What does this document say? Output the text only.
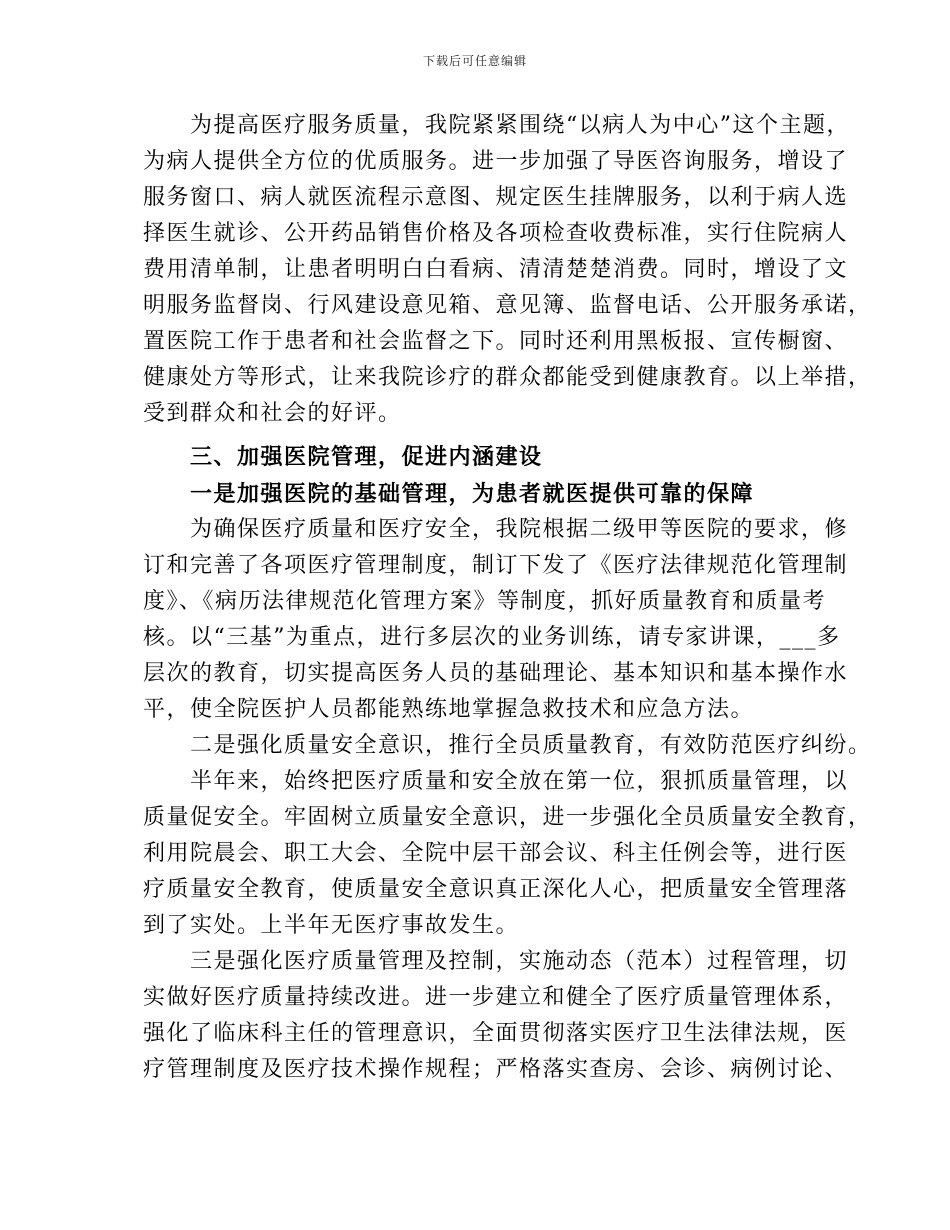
下载后可任意编辑
为提高医疗服务质量，我院紧紧围绕“以病人为中心”这个主题，
为病人提供全方位的优质服务。进一步加强了导医咨询服务，增设了
服务窗口、病人就医流程示意图、规定医生挂牌服务，以利于病人选
择医生就诊、公开药品销售价格及各项检查收费标准，实行住院病人
费用清单制，让患者明明白白看病、清清楚楚消费。同时，增设了文
明服务监督岗、行风建设意见箱、意见簿、监督电话、公开服务承诺，
置医院工作于患者和社会监督之下。同时还利用黑板报、宣传橱窗、
健康处方等形式，让来我院诊疗的群众都能受到健康教育。以上举措，
受到群众和社会的好评。
三、加强医院管理，促进内涵建设
一是加强医院的基础管理，为患者就医提供可靠的保障
为确保医疗质量和医疗安全，我院根据二级甲等医院的要求，修
订和完善了各项医疗管理制度，制订下发了《医疗法律规范化管理制
度》、《病历法律规范化管理方案》等制度，抓好质量教育和质量考
核。以“三基”为重点，进行多层次的业务训练，请专家讲课，___多
层次的教育，切实提高医务人员的基础理论、基本知识和基本操作水
平，使全院医护人员都能熟练地掌握急救技术和应急方法。
二是强化质量安全意识，推行全员质量教育，有效防范医疗纠纷。
半年来，始终把医疗质量和安全放在第一位，狠抓质量管理，以
质量促安全。牢固树立质量安全意识，进一步强化全员质量安全教育，
利用院晨会、职工大会、全院中层干部会议、科主任例会等，进行医
疗质量安全教育，使质量安全意识真正深化人心，把质量安全管理落
到了实处。上半年无医疗事故发生。
三是强化医疗质量管理及控制，实施动态（范本）过程管理，切
实做好医疗质量持续改进。进一步建立和健全了医疗质量管理体系，
强化了临床科主任的管理意识，全面贯彻落实医疗卫生法律法规，医
疗管理制度及医疗技术操作规程；严格落实查房、会诊、病例讨论、
